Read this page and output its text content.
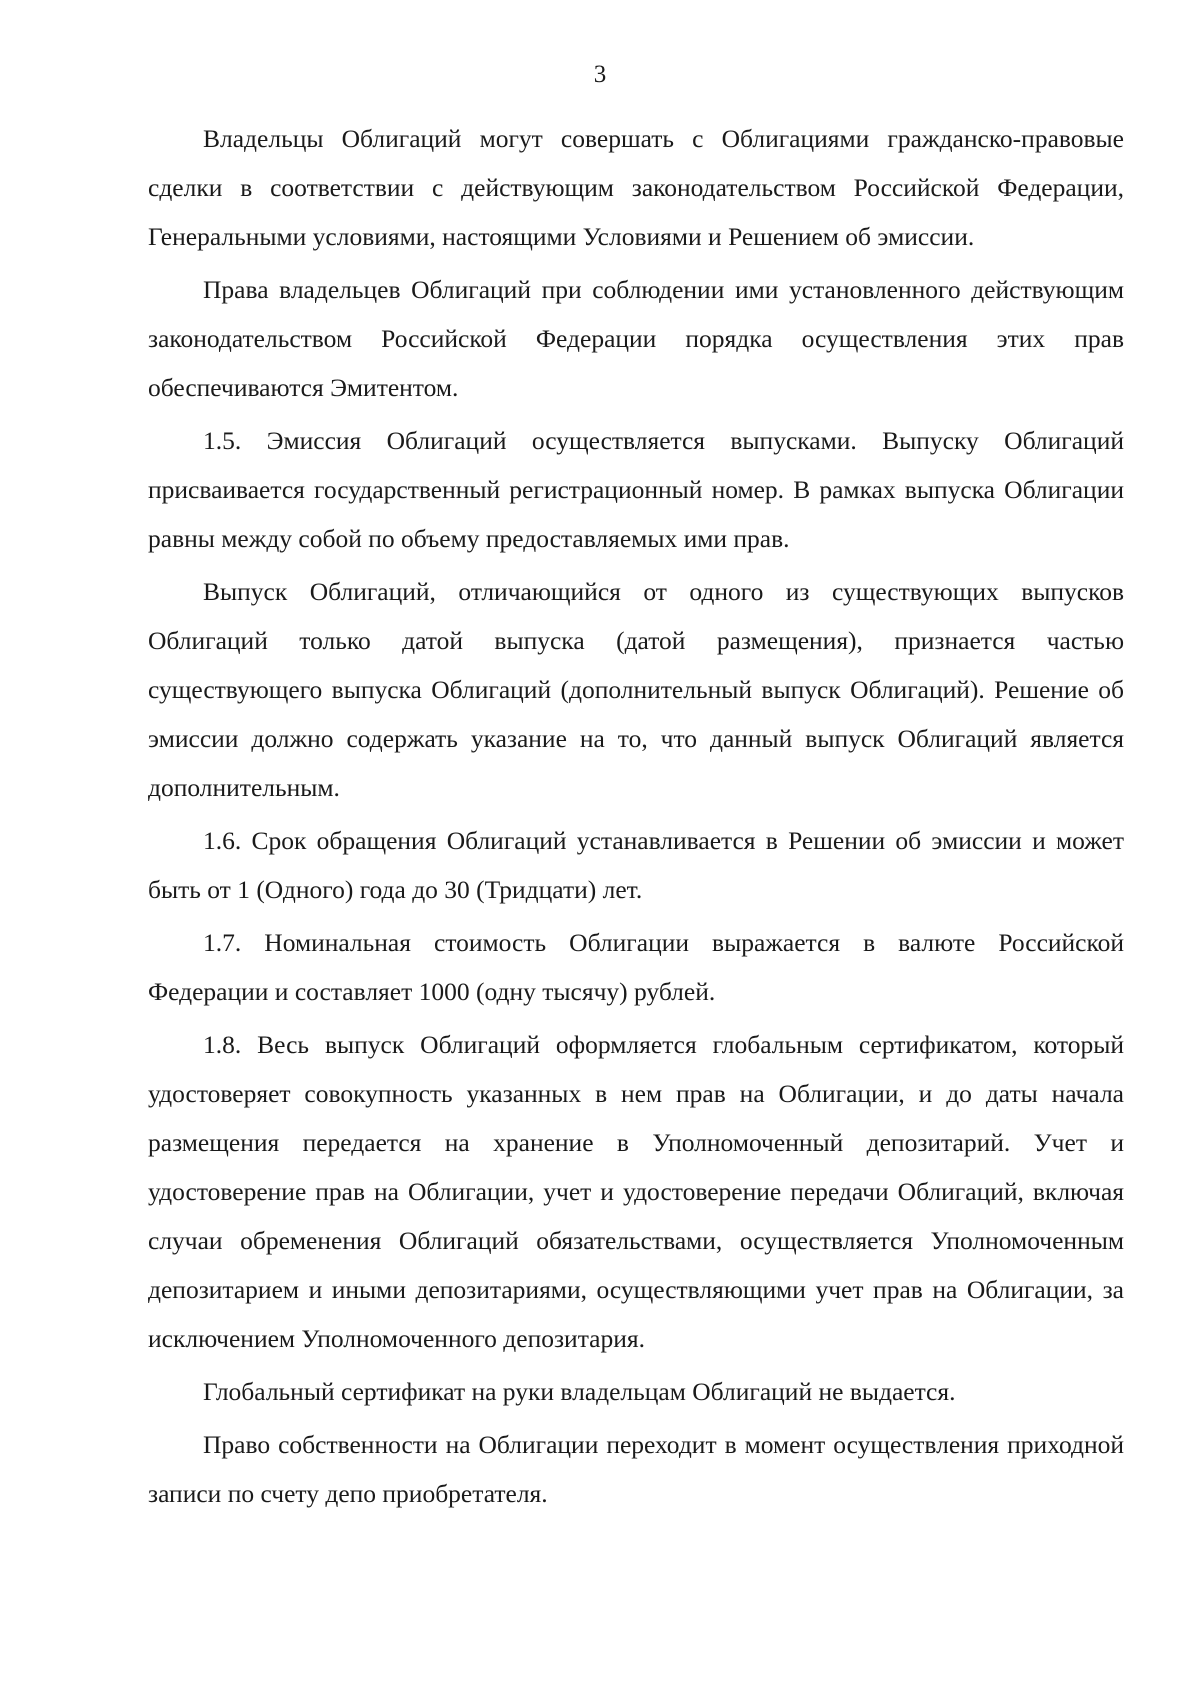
3

Владельцы Облигаций могут совершать с Облигациями гражданско-правовые сделки в соответствии с действующим законодательством Российской Федерации, Генеральными условиями, настоящими Условиями и Решением об эмиссии.

Права владельцев Облигаций при соблюдении ими установленного действующим законодательством Российской Федерации порядка осуществления этих прав обеспечиваются Эмитентом.

1.5. Эмиссия Облигаций осуществляется выпусками. Выпуску Облигаций присваивается государственный регистрационный номер. В рамках выпуска Облигации равны между собой по объему предоставляемых ими прав.

Выпуск Облигаций, отличающийся от одного из существующих выпусков Облигаций только датой выпуска (датой размещения), признается частью существующего выпуска Облигаций (дополнительный выпуск Облигаций). Решение об эмиссии должно содержать указание на то, что данный выпуск Облигаций является дополнительным.

1.6. Срок обращения Облигаций устанавливается в Решении об эмиссии и может быть от 1 (Одного) года до 30 (Тридцати) лет.

1.7. Номинальная стоимость Облигации выражается в валюте Российской Федерации и составляет 1000 (одну тысячу) рублей.

1.8. Весь выпуск Облигаций оформляется глобальным сертификатом, который удостоверяет совокупность указанных в нем прав на Облигации, и до даты начала размещения передается на хранение в Уполномоченный депозитарий. Учет и удостоверение прав на Облигации, учет и удостоверение передачи Облигаций, включая случаи обременения Облигаций обязательствами, осуществляется Уполномоченным депозитарием и иными депозитариями, осуществляющими учет прав на Облигации, за исключением Уполномоченного депозитария.

Глобальный сертификат на руки владельцам Облигаций не выдается.

Право собственности на Облигации переходит в момент осуществления приходной записи по счету депо приобретателя.
